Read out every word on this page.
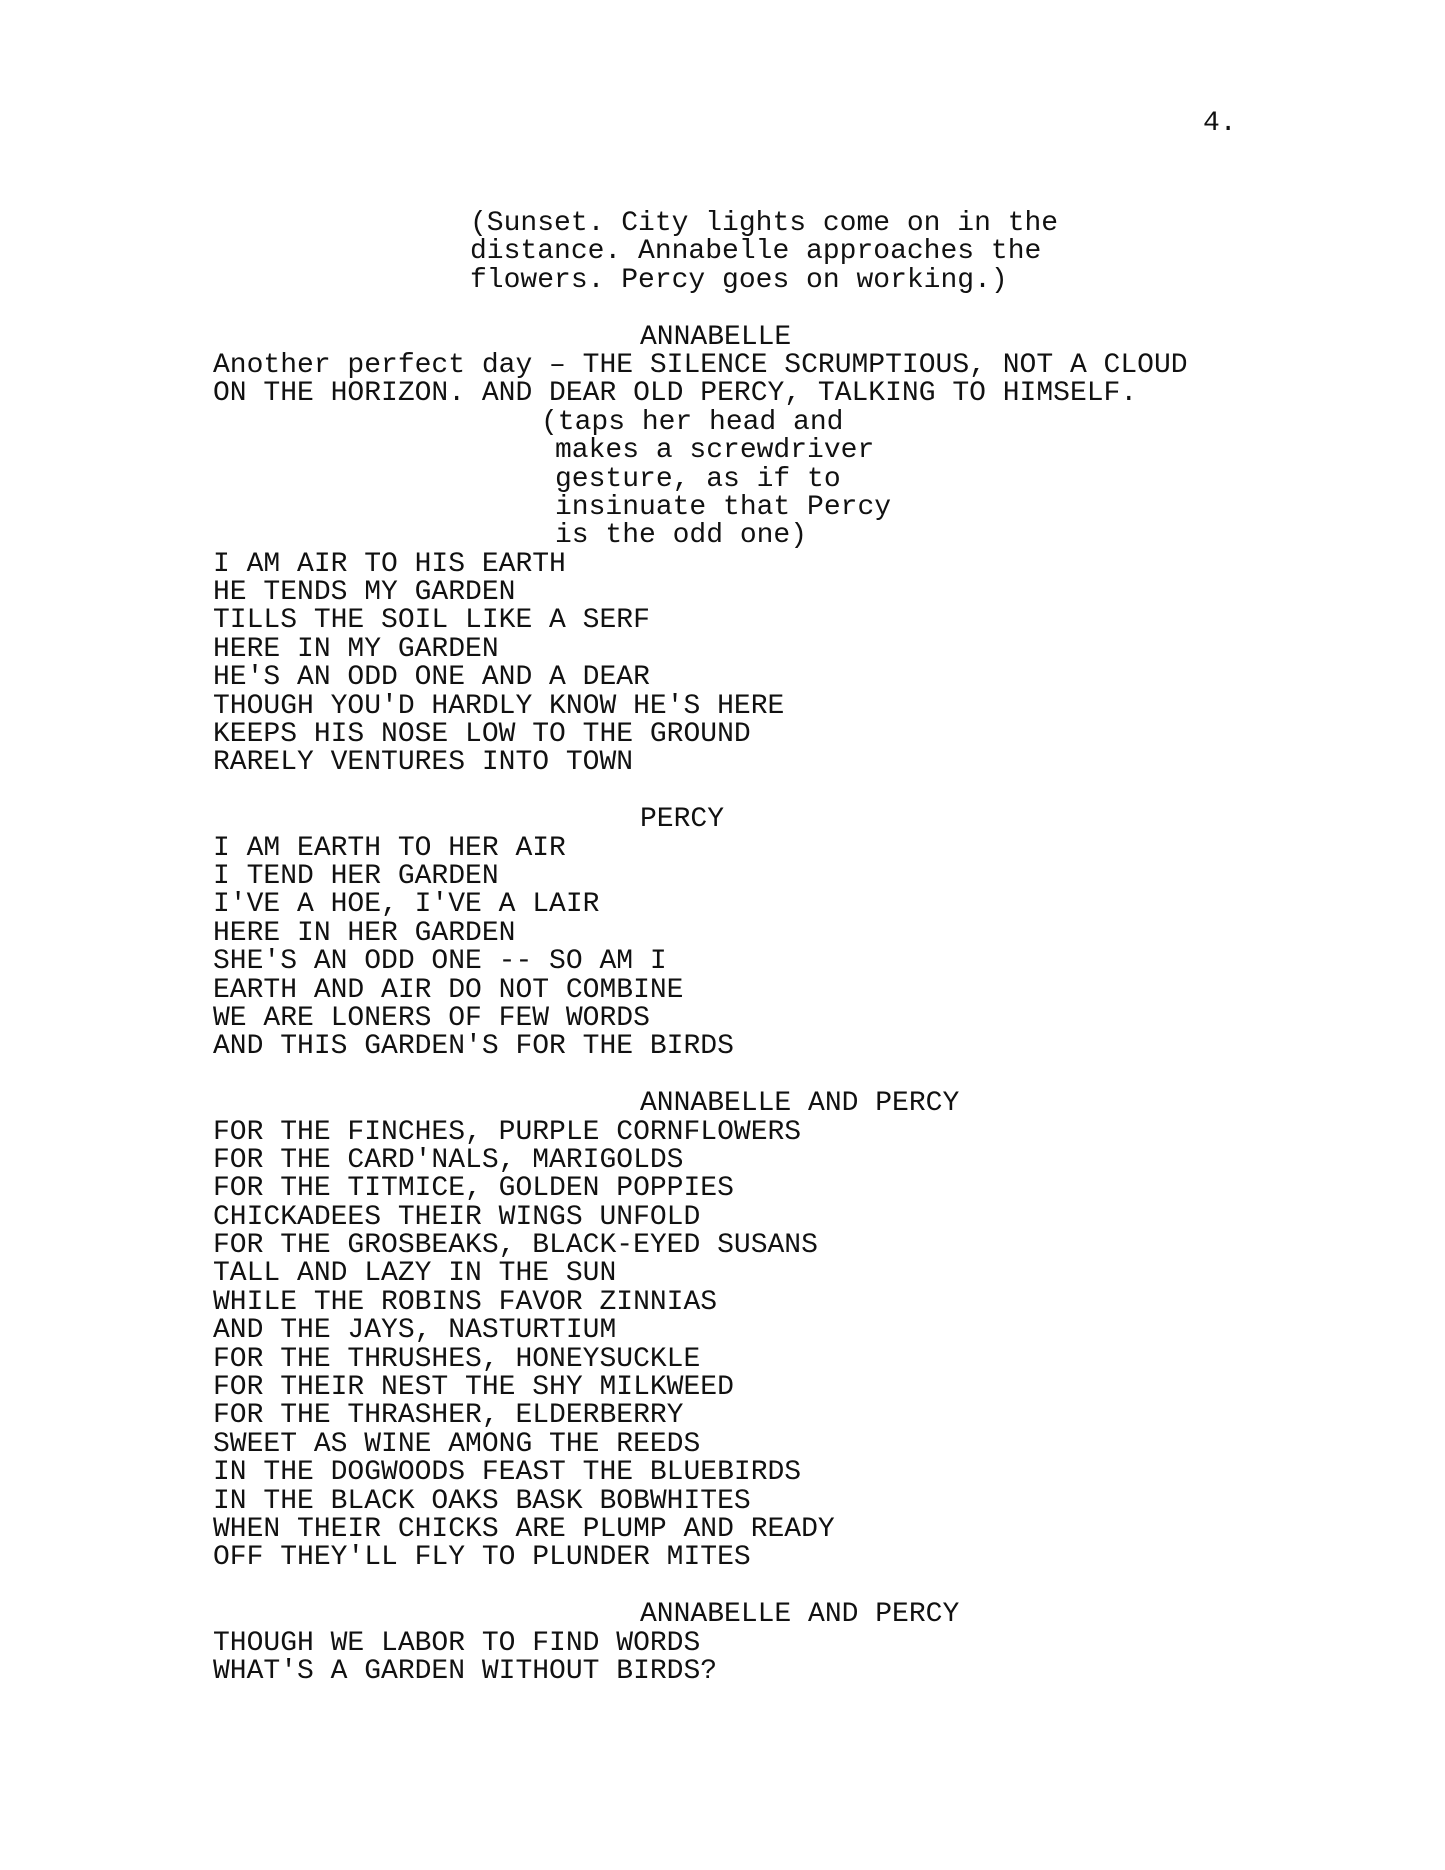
4.
(Sunset. City lights come on in the
distance. Annabelle approaches the
flowers. Percy goes on working.)
ANNABELLE
Another perfect day – THE SILENCE SCRUMPTIOUS, NOT A CLOUD
ON THE HORIZON. AND DEAR OLD PERCY, TALKING TO HIMSELF.
(taps her head and
makes a screwdriver
gesture, as if to
insinuate that Percy
is the odd one)
I AM AIR TO HIS EARTH
HE TENDS MY GARDEN
TILLS THE SOIL LIKE A SERF
HERE IN MY GARDEN
HE'S AN ODD ONE AND A DEAR
THOUGH YOU'D HARDLY KNOW HE'S HERE
KEEPS HIS NOSE LOW TO THE GROUND
RARELY VENTURES INTO TOWN
PERCY
I AM EARTH TO HER AIR
I TEND HER GARDEN
I'VE A HOE, I'VE A LAIR
HERE IN HER GARDEN
SHE'S AN ODD ONE -- SO AM I
EARTH AND AIR DO NOT COMBINE
WE ARE LONERS OF FEW WORDS
AND THIS GARDEN'S FOR THE BIRDS
ANNABELLE AND PERCY
FOR THE FINCHES, PURPLE CORNFLOWERS
FOR THE CARD'NALS, MARIGOLDS
FOR THE TITMICE, GOLDEN POPPIES
CHICKADEES THEIR WINGS UNFOLD
FOR THE GROSBEAKS, BLACK-EYED SUSANS
TALL AND LAZY IN THE SUN
WHILE THE ROBINS FAVOR ZINNIAS
AND THE JAYS, NASTURTIUM
FOR THE THRUSHES, HONEYSUCKLE
FOR THEIR NEST THE SHY MILKWEED
FOR THE THRASHER, ELDERBERRY
SWEET AS WINE AMONG THE REEDS
IN THE DOGWOODS FEAST THE BLUEBIRDS
IN THE BLACK OAKS BASK BOBWHITES
WHEN THEIR CHICKS ARE PLUMP AND READY
OFF THEY'LL FLY TO PLUNDER MITES
ANNABELLE AND PERCY
THOUGH WE LABOR TO FIND WORDS
WHAT'S A GARDEN WITHOUT BIRDS?
